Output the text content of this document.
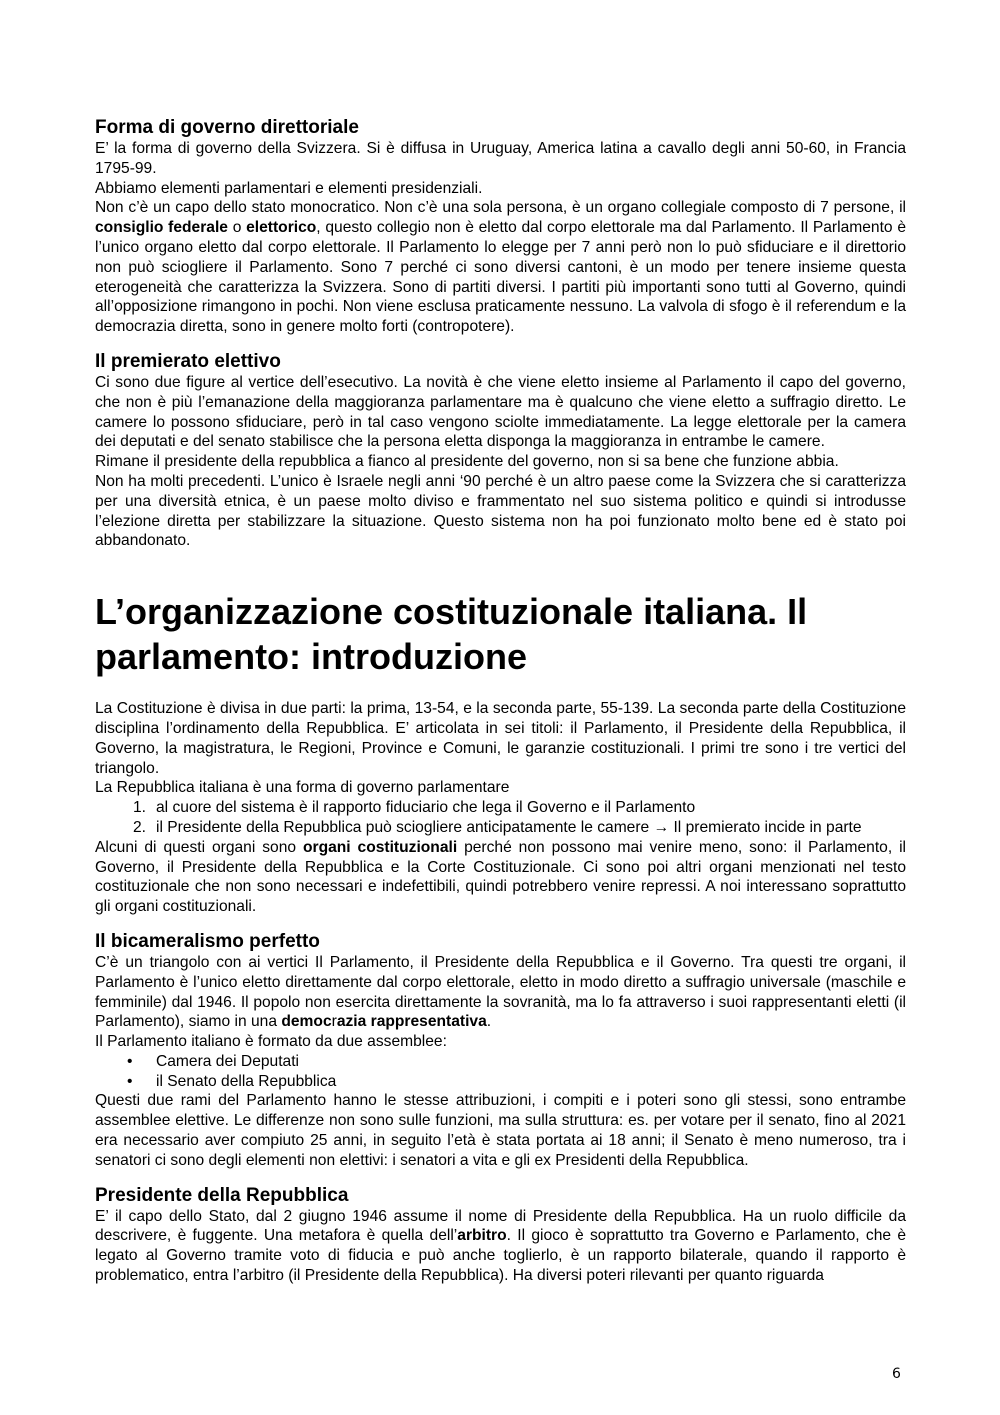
Forma di governo direttoriale

E’ la forma di governo della Svizzera. Si è diffusa in Uruguay, America latina a cavallo degli anni 50-60, in Francia 1795-99.

Abbiamo elementi parlamentari e elementi presidenziali.

Non c’è un capo dello stato monocratico. Non c’è una sola persona, è un organo collegiale composto di 7 persone, il consiglio federale o elettorico, questo collegio non è eletto dal corpo elettorale ma dal Parlamento. Il Parlamento è l’unico organo eletto dal corpo elettorale. Il Parlamento lo elegge per 7 anni però non lo può sfiduciare e il direttorio non può sciogliere il Parlamento. Sono 7 perché ci sono diversi cantoni, è un modo per tenere insieme questa eterogeneità che caratterizza la Svizzera. Sono di partiti diversi. I partiti più importanti sono tutti al Governo, quindi all’opposizione rimangono in pochi. Non viene esclusa praticamente nessuno. La valvola di sfogo è il referendum e la democrazia diretta, sono in genere molto forti (contropotere).

Il premierato elettivo

Ci sono due figure al vertice dell’esecutivo. La novità è che viene eletto insieme al Parlamento il capo del governo, che non è più l’emanazione della maggioranza parlamentare ma è qualcuno che viene eletto a suffragio diretto. Le camere lo possono sfiduciare, però in tal caso vengono sciolte immediatamente. La legge elettorale per la camera dei deputati e del senato stabilisce che la persona eletta disponga la maggioranza in entrambe le camere.

Rimane il presidente della repubblica a fianco al presidente del governo, non si sa bene che funzione abbia.

Non ha molti precedenti. L’unico è Israele negli anni ‘90 perché è un altro paese come la Svizzera che si caratterizza per una diversità etnica, è un paese molto diviso e frammentato nel suo sistema politico e quindi si introdusse l’elezione diretta per stabilizzare la situazione. Questo sistema non ha poi funzionato molto bene ed è stato poi abbandonato.

L’organizzazione costituzionale italiana. Il
parlamento: introduzione

La Costituzione è divisa in due parti: la prima, 13-54, e la seconda parte, 55-139. La seconda parte della Costituzione disciplina l’ordinamento della Repubblica. E’ articolata in sei titoli: il Parlamento, il Presidente della Repubblica, il Governo, la magistratura, le Regioni, Province e Comuni, le garanzie costituzionali. I primi tre sono i tre vertici del triangolo.

La Repubblica italiana è una forma di governo parlamentare

1. al cuore del sistema è il rapporto fiduciario che lega il Governo e il Parlamento
2. il Presidente della Repubblica può sciogliere anticipatamente le camere → Il premierato incide in parte

Alcuni di questi organi sono organi costituzionali perché non possono mai venire meno, sono: il Parlamento, il Governo, il Presidente della Repubblica e la Corte Costituzionale. Ci sono poi altri organi menzionati nel testo costituzionale che non sono necessari e indefettibili, quindi potrebbero venire repressi. A noi interessano soprattutto gli organi costituzionali.

Il bicameralismo perfetto

C’è un triangolo con ai vertici Il Parlamento, il Presidente della Repubblica e il Governo. Tra questi tre organi, il Parlamento è l’unico eletto direttamente dal corpo elettorale, eletto in modo diretto a suffragio universale (maschile e femminile) dal 1946. Il popolo non esercita direttamente la sovranità, ma lo fa attraverso i suoi rappresentanti eletti (il Parlamento), siamo in una democrazia rappresentativa.

Il Parlamento italiano è formato da due assemblee:

•	Camera dei Deputati
•	il Senato della Repubblica

Questi due rami del Parlamento hanno le stesse attribuzioni, i compiti e i poteri sono gli stessi, sono entrambe assemblee elettive. Le differenze non sono sulle funzioni, ma sulla struttura: es. per votare per il senato, fino al 2021 era necessario aver compiuto 25 anni, in seguito l’età è stata portata ai 18 anni; il Senato è meno numeroso, tra i senatori ci sono degli elementi non elettivi: i senatori a vita e gli ex Presidenti della Repubblica.

Presidente della Repubblica

E’ il capo dello Stato, dal 2 giugno 1946 assume il nome di Presidente della Repubblica. Ha un ruolo difficile da descrivere, è fuggente. Una metafora è quella dell’arbitro. Il gioco è soprattutto tra Governo e Parlamento, che è legato al Governo tramite voto di fiducia e può anche toglierlo, è un rapporto bilaterale, quando il rapporto è problematico, entra l’arbitro (il Presidente della Repubblica). Ha diversi poteri rilevanti per quanto riguarda

6
